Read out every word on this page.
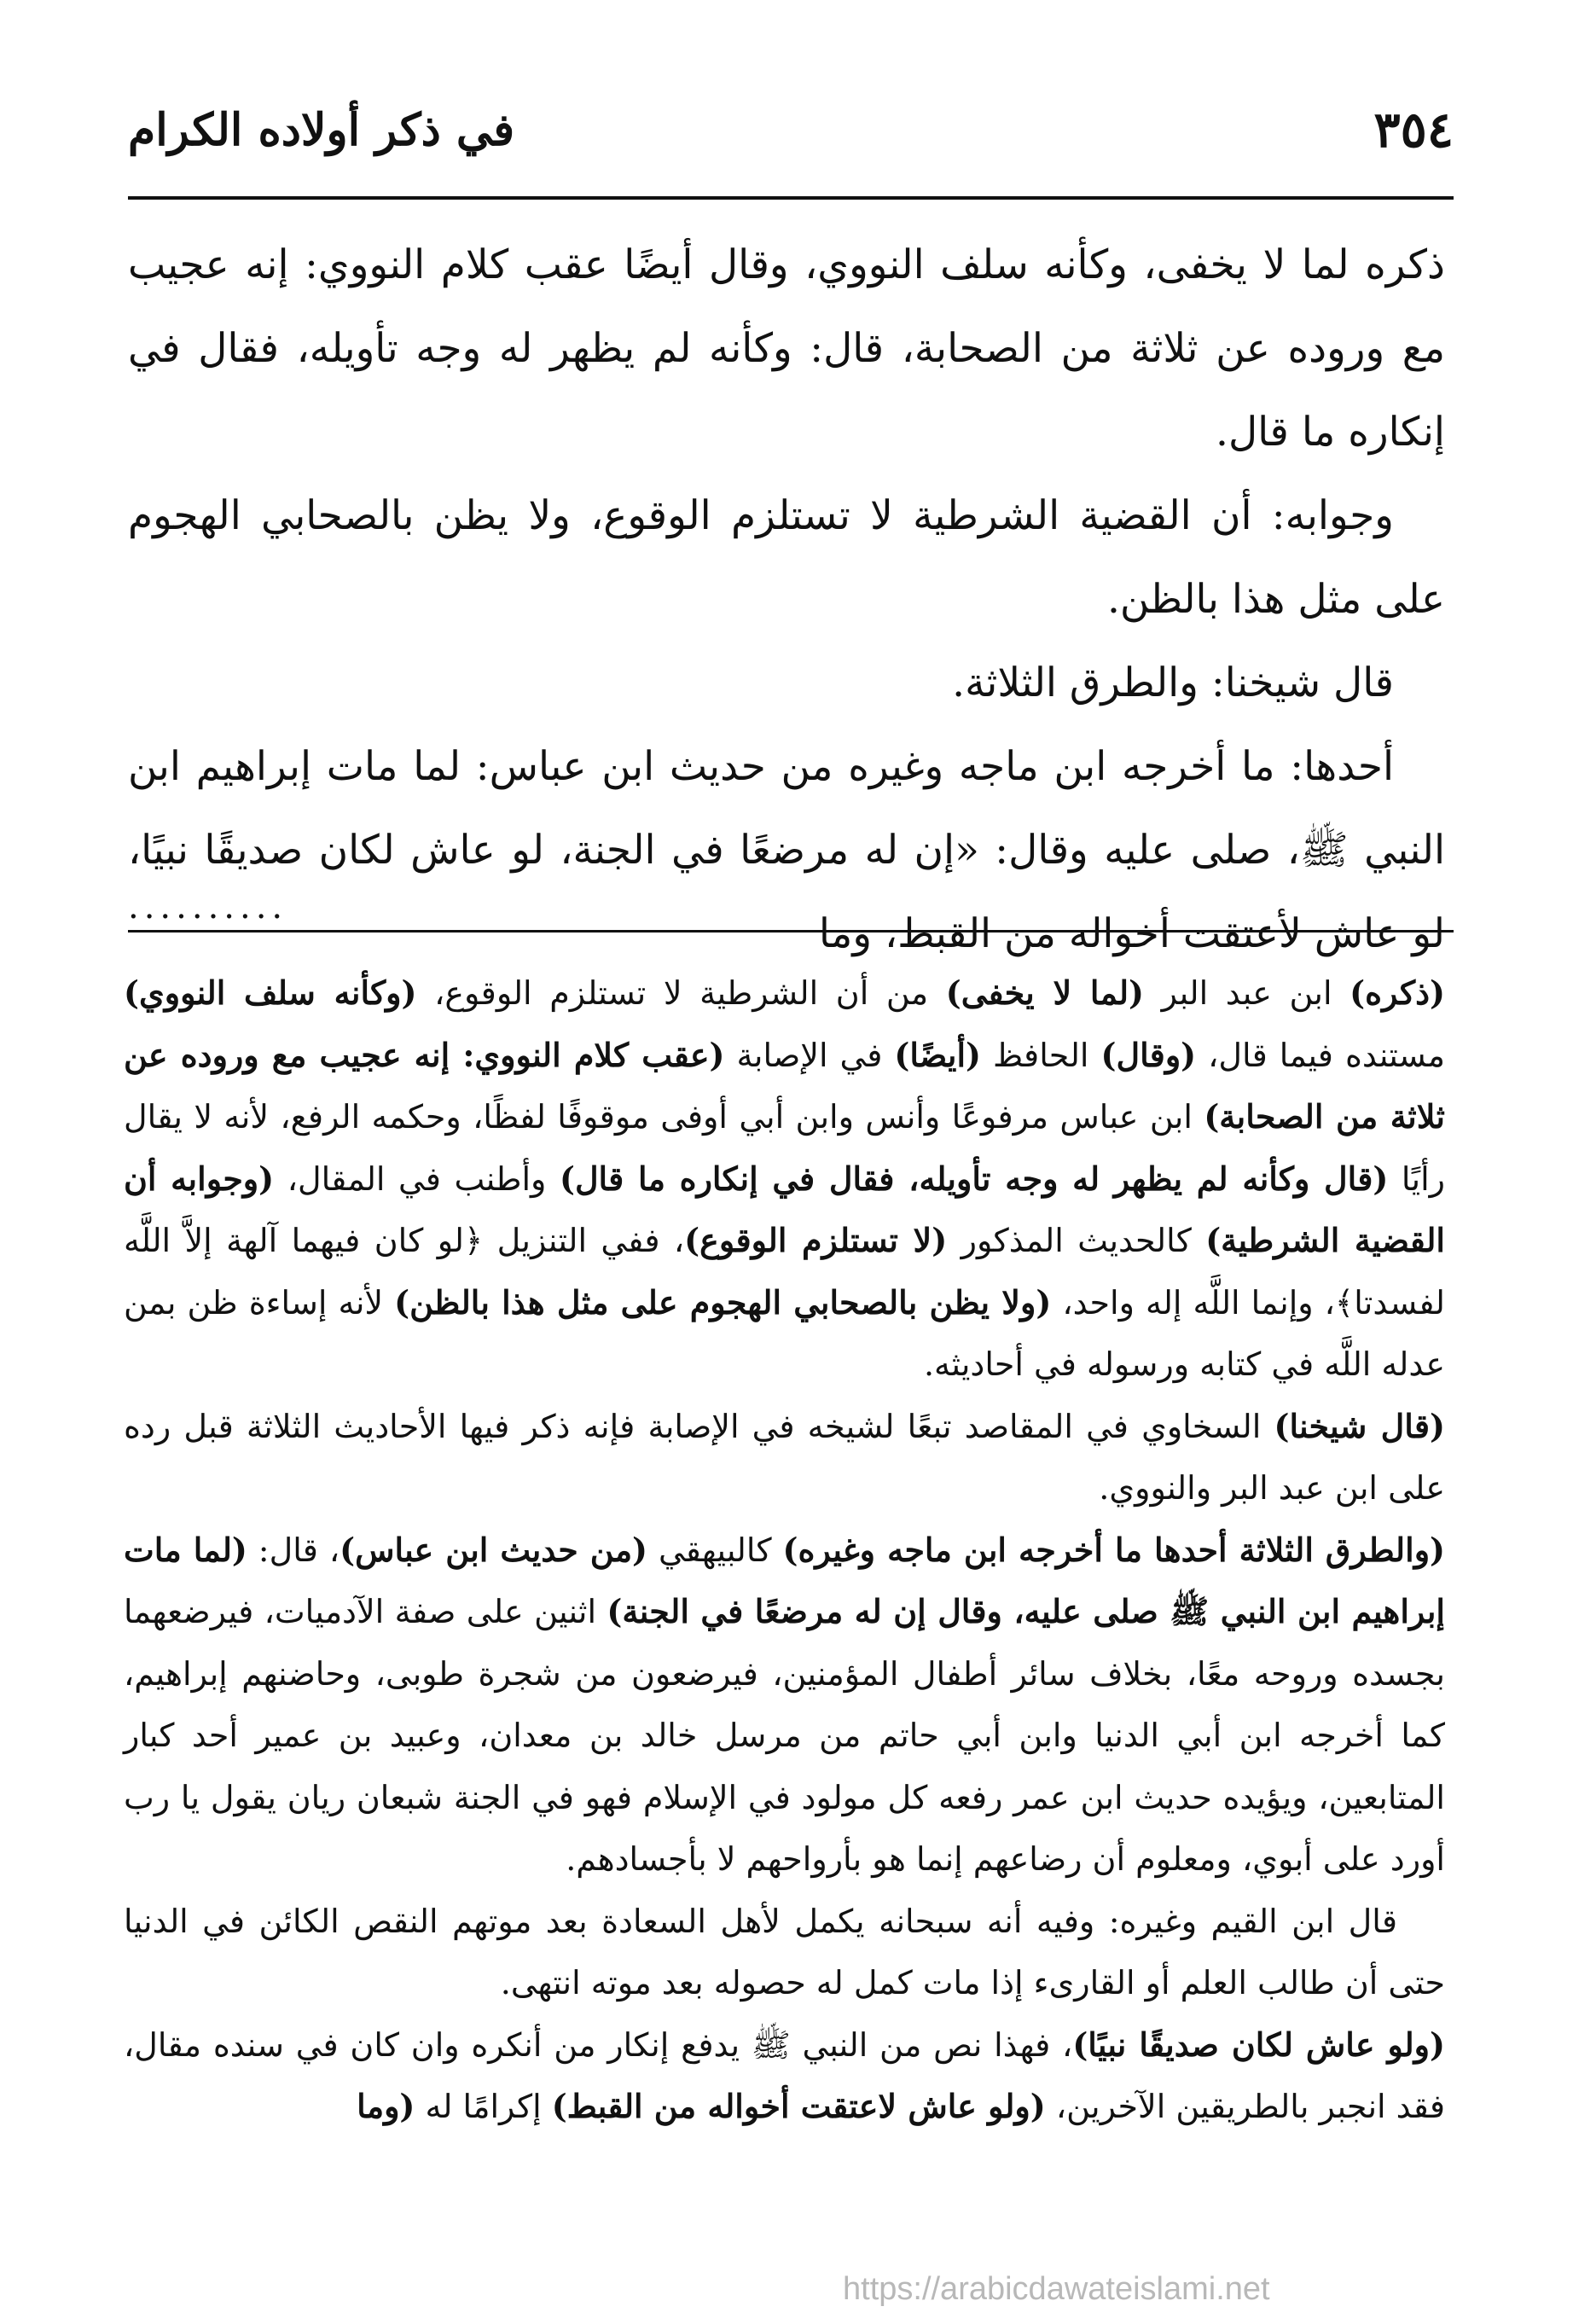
٣٥٤
في ذكر أولاده الكرام

ذكره لما لا يخفى، وكأنه سلف النووي، وقال أيضًا عقب كلام النووي: إنه عجيب مع وروده عن ثلاثة من الصحابة، قال: وكأنه لم يظهر له وجه تأويله، فقال في إنكاره ما قال.

وجوابه: أن القضية الشرطية لا تستلزم الوقوع، ولا يظن بالصحابي الهجوم على مثل هذا بالظن.

قال شيخنا: والطرق الثلاثة.

أحدها: ما أخرجه ابن ماجه وغيره من حديث ابن عباس: لما مات إبراهيم ابن النبي ﷺ، صلى عليه وقال: «إن له مرضعًا في الجنة، لو عاش لكان صديقًا نبيًا، لو عاش لأعتقت أخواله من القبط، وما

..........

(ذكره) ابن عبد البر (لما لا يخفى) من أن الشرطية لا تستلزم الوقوع، (وكأنه سلف النووي) مستنده فيما قال، (وقال) الحافظ (أيضًا) في الإصابة (عقب كلام النووي: إنه عجيب مع وروده عن ثلاثة من الصحابة) ابن عباس مرفوعًا وأنس وابن أبي أوفى موقوفًا لفظًا، وحكمه الرفع، لأنه لا يقال رأيًا (قال وكأنه لم يظهر له وجه تأويله، فقال في إنكاره ما قال) وأطنب في المقال، (وجوابه أن القضية الشرطية) كالحديث المذكور (لا تستلزم الوقوع)، ففي التنزيل ﴿لو كان فيهما آلهة إلاَّ اللَّه لفسدتا﴾، وإنما اللَّه إله واحد، (ولا يظن بالصحابي الهجوم على مثل هذا بالظن) لأنه إساءة ظن بمن عدله اللَّه في كتابه ورسوله في أحاديثه.

(قال شيخنا) السخاوي في المقاصد تبعًا لشيخه في الإصابة فإنه ذكر فيها الأحاديث الثلاثة قبل رده على ابن عبد البر والنووي.

(والطرق الثلاثة أحدها ما أخرجه ابن ماجه وغيره) كالبيهقي (من حديث ابن عباس)، قال: (لما مات إبراهيم ابن النبي ﷺ صلى عليه، وقال إن له مرضعًا في الجنة) اثنين على صفة الآدميات، فيرضعهما بجسده وروحه معًا، بخلاف سائر أطفال المؤمنين، فيرضعون من شجرة طوبى، وحاضنهم إبراهيم، كما أخرجه ابن أبي الدنيا وابن أبي حاتم من مرسل خالد بن معدان، وعبيد بن عمير أحد كبار المتابعين، ويؤيده حديث ابن عمر رفعه كل مولود في الإسلام فهو في الجنة شبعان ريان يقول يا رب أورد على أبوي، ومعلوم أن رضاعهم إنما هو بأرواحهم لا بأجسادهم.

قال ابن القيم وغيره: وفيه أنه سبحانه يكمل لأهل السعادة بعد موتهم النقص الكائن في الدنيا حتى أن طالب العلم أو القارىء إذا مات كمل له حصوله بعد موته انتهى.

(ولو عاش لكان صديقًا نبيًا)، فهذا نص من النبي ﷺ يدفع إنكار من أنكره وان كان في سنده مقال، فقد انجبر بالطريقين الآخرين، (ولو عاش لاعتقت أخواله من القبط) إكرامًا له (وما

https://arabicdawateislami.net
